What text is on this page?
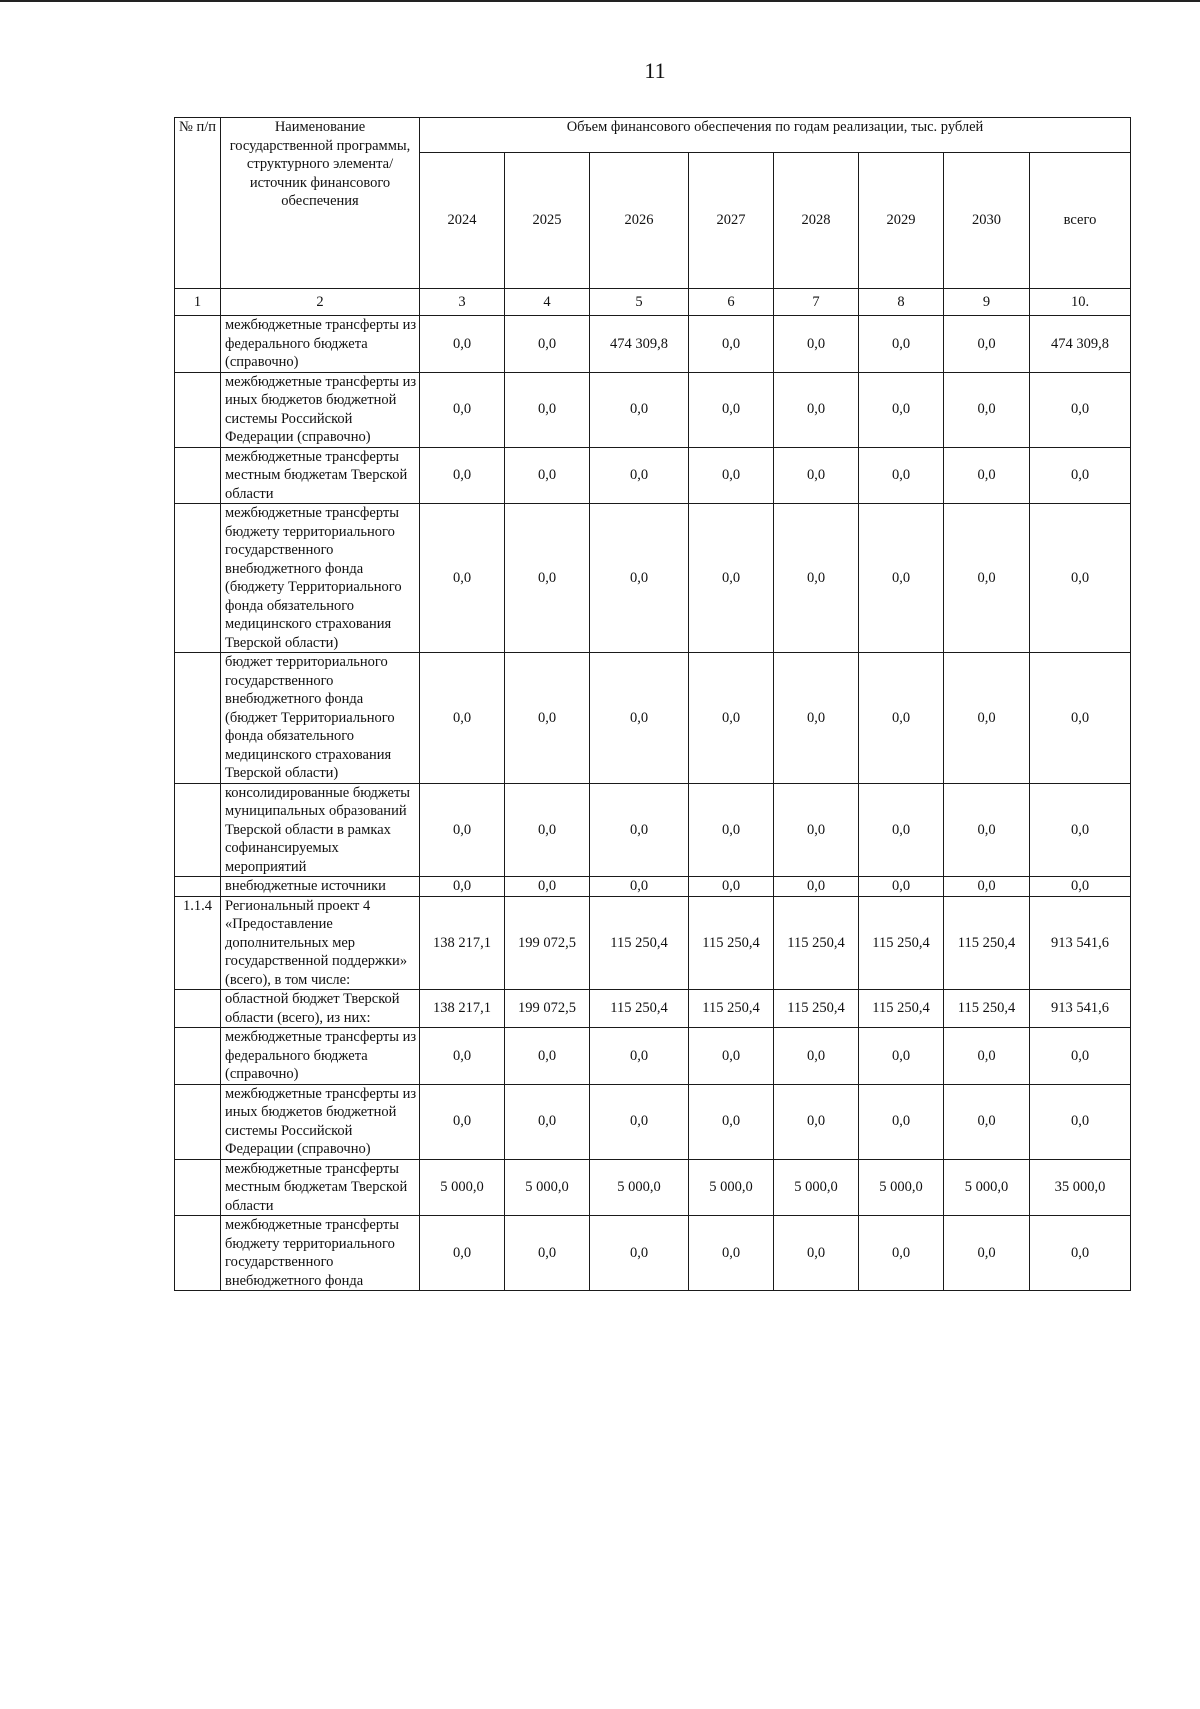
11
№ п/п	Наименование государственной программы, структурного элемента/источник финансового обеспечения	Объем финансового обеспечения по годам реализации, тыс. рублей							
		2024	2025	2026	2027	2028	2029	2030	всего
1	2	3	4	5	6	7	8	9	10.
	межбюджетные трансферты из федерального бюджета (справочно)	0,0	0,0	474 309,8	0,0	0,0	0,0	0,0	474 309,8
	межбюджетные трансферты из иных бюджетов бюджетной системы Российской Федерации (справочно)	0,0	0,0	0,0	0,0	0,0	0,0	0,0	0,0
	межбюджетные трансферты местным бюджетам Тверской области	0,0	0,0	0,0	0,0	0,0	0,0	0,0	0,0
	межбюджетные трансферты бюджету территориального государственного внебюджетного фонда (бюджету Территориального фонда обязательного медицинского страхования Тверской области)	0,0	0,0	0,0	0,0	0,0	0,0	0,0	0,0
	бюджет территориального государственного внебюджетного фонда (бюджет Территориального фонда обязательного медицинского страхования Тверской области)	0,0	0,0	0,0	0,0	0,0	0,0	0,0	0,0
	консолидированные бюджеты муниципальных образований Тверской области в рамках софинансируемых мероприятий	0,0	0,0	0,0	0,0	0,0	0,0	0,0	0,0
	внебюджетные источники	0,0	0,0	0,0	0,0	0,0	0,0	0,0	0,0
1.1.4	Региональный проект 4 «Предоставление дополнительных мер государственной поддержки» (всего), в том числе:	138 217,1	199 072,5	115 250,4	115 250,4	115 250,4	115 250,4	115 250,4	913 541,6
	областной бюджет Тверской области (всего), из них:	138 217,1	199 072,5	115 250,4	115 250,4	115 250,4	115 250,4	115 250,4	913 541,6
	межбюджетные трансферты из федерального бюджета (справочно)	0,0	0,0	0,0	0,0	0,0	0,0	0,0	0,0
	межбюджетные трансферты из иных бюджетов бюджетной системы Российской Федерации (справочно)	0,0	0,0	0,0	0,0	0,0	0,0	0,0	0,0
	межбюджетные трансферты местным бюджетам Тверской области	5 000,0	5 000,0	5 000,0	5 000,0	5 000,0	5 000,0	5 000,0	35 000,0
	межбюджетные трансферты бюджету территориального государственного внебюджетного фонда	0,0	0,0	0,0	0,0	0,0	0,0	0,0	0,0
